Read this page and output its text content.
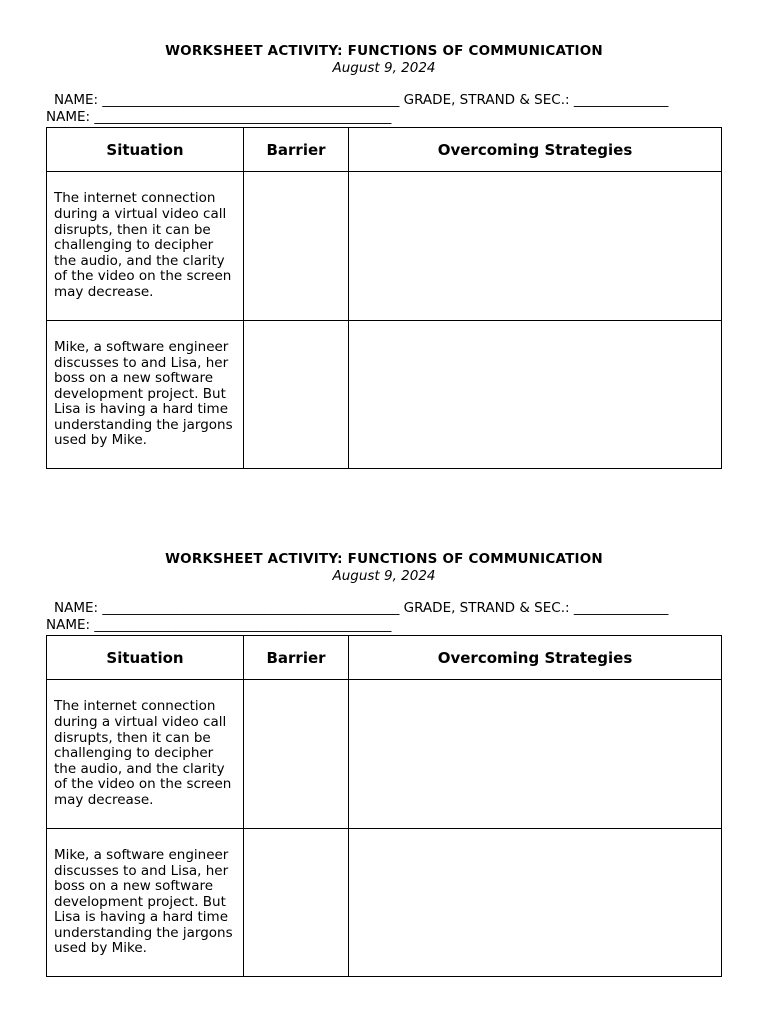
WORKSHEET ACTIVITY: FUNCTIONS OF COMMUNICATION
August 9, 2024
NAME: ____________________________________________ GRADE, STRAND & SEC.: ______________
NAME: ____________________________________________
Situation	Barrier	Overcoming Strategies
The internet connection during a virtual video call disrupts, then it can be challenging to decipher the audio, and the clarity of the video on the screen may decrease.		
Mike, a software engineer discusses to and Lisa, her boss on a new software development project. But Lisa is having a hard time understanding the jargons used by Mike.		
WORKSHEET ACTIVITY: FUNCTIONS OF COMMUNICATION
August 9, 2024
NAME: ____________________________________________ GRADE, STRAND & SEC.: ______________
NAME: ____________________________________________
Situation	Barrier	Overcoming Strategies
The internet connection during a virtual video call disrupts, then it can be challenging to decipher the audio, and the clarity of the video on the screen may decrease.		
Mike, a software engineer discusses to and Lisa, her boss on a new software development project. But Lisa is having a hard time understanding the jargons used by Mike.		
